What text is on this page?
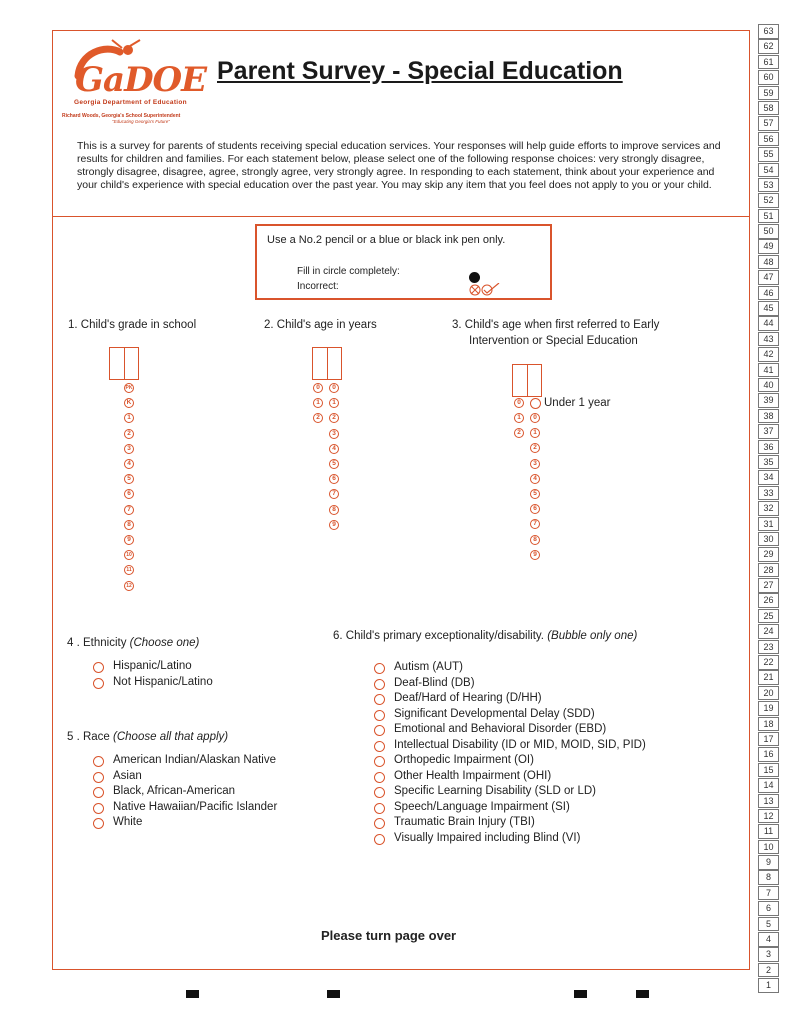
GaDOE
Georgia Department of Education
Richard Woods, Georgia's School Superintendent
"Educating Georgia's Future"
Parent Survey - Special Education
This is a survey for parents of students receiving special education services. Your responses will help guide efforts to improve services and results for children and families. For each statement below, please select one of the following response choices: very strongly disagree, strongly disagree, disagree, agree, strongly agree, very strongly agree. In responding to each statement, think about your experience and your child's experience with special education over the past year. You may skip any item that you feel does not apply to you or your child.
Use a No.2 pencil or a blue or black ink pen only.
Fill in circle completely:
Incorrect:
1. Child's grade in school
PK
K
1
2
3
4
5
6
7
8
9
10
11
12
2. Child's age in years
0
1
2
0
1
2
3
4
5
6
7
8
9
3. Child's age when first referred to Early
Intervention or Special Education
Under 1 year
0
1
2
0
1
2
3
4
5
6
7
8
9
4 . Ethnicity (Choose one)
Hispanic/Latino
Not Hispanic/Latino
5 . Race (Choose all that apply)
American Indian/Alaskan Native
Asian
Black, African-American
Native Hawaiian/Pacific Islander
White
6. Child's primary exceptionality/disability. (Bubble only one)
Autism (AUT)
Deaf-Blind (DB)
Deaf/Hard of Hearing (D/HH)
Significant Developmental Delay (SDD)
Emotional and Behavioral Disorder (EBD)
Intellectual Disability (ID or MID, MOID, SID, PID)
Orthopedic Impairment (OI)
Other Health Impairment (OHI)
Specific Learning Disability (SLD or LD)
Speech/Language Impairment (SI)
Traumatic Brain Injury (TBI)
Visually Impaired including Blind (VI)
Please turn page over
63
62
61
60
59
58
57
56
55
54
53
52
51
50
49
48
47
46
45
44
43
42
41
40
39
38
37
36
35
34
33
32
31
30
29
28
27
26
25
24
23
22
21
20
19
18
17
16
15
14
13
12
11
10
9
8
7
6
5
4
3
2
1
